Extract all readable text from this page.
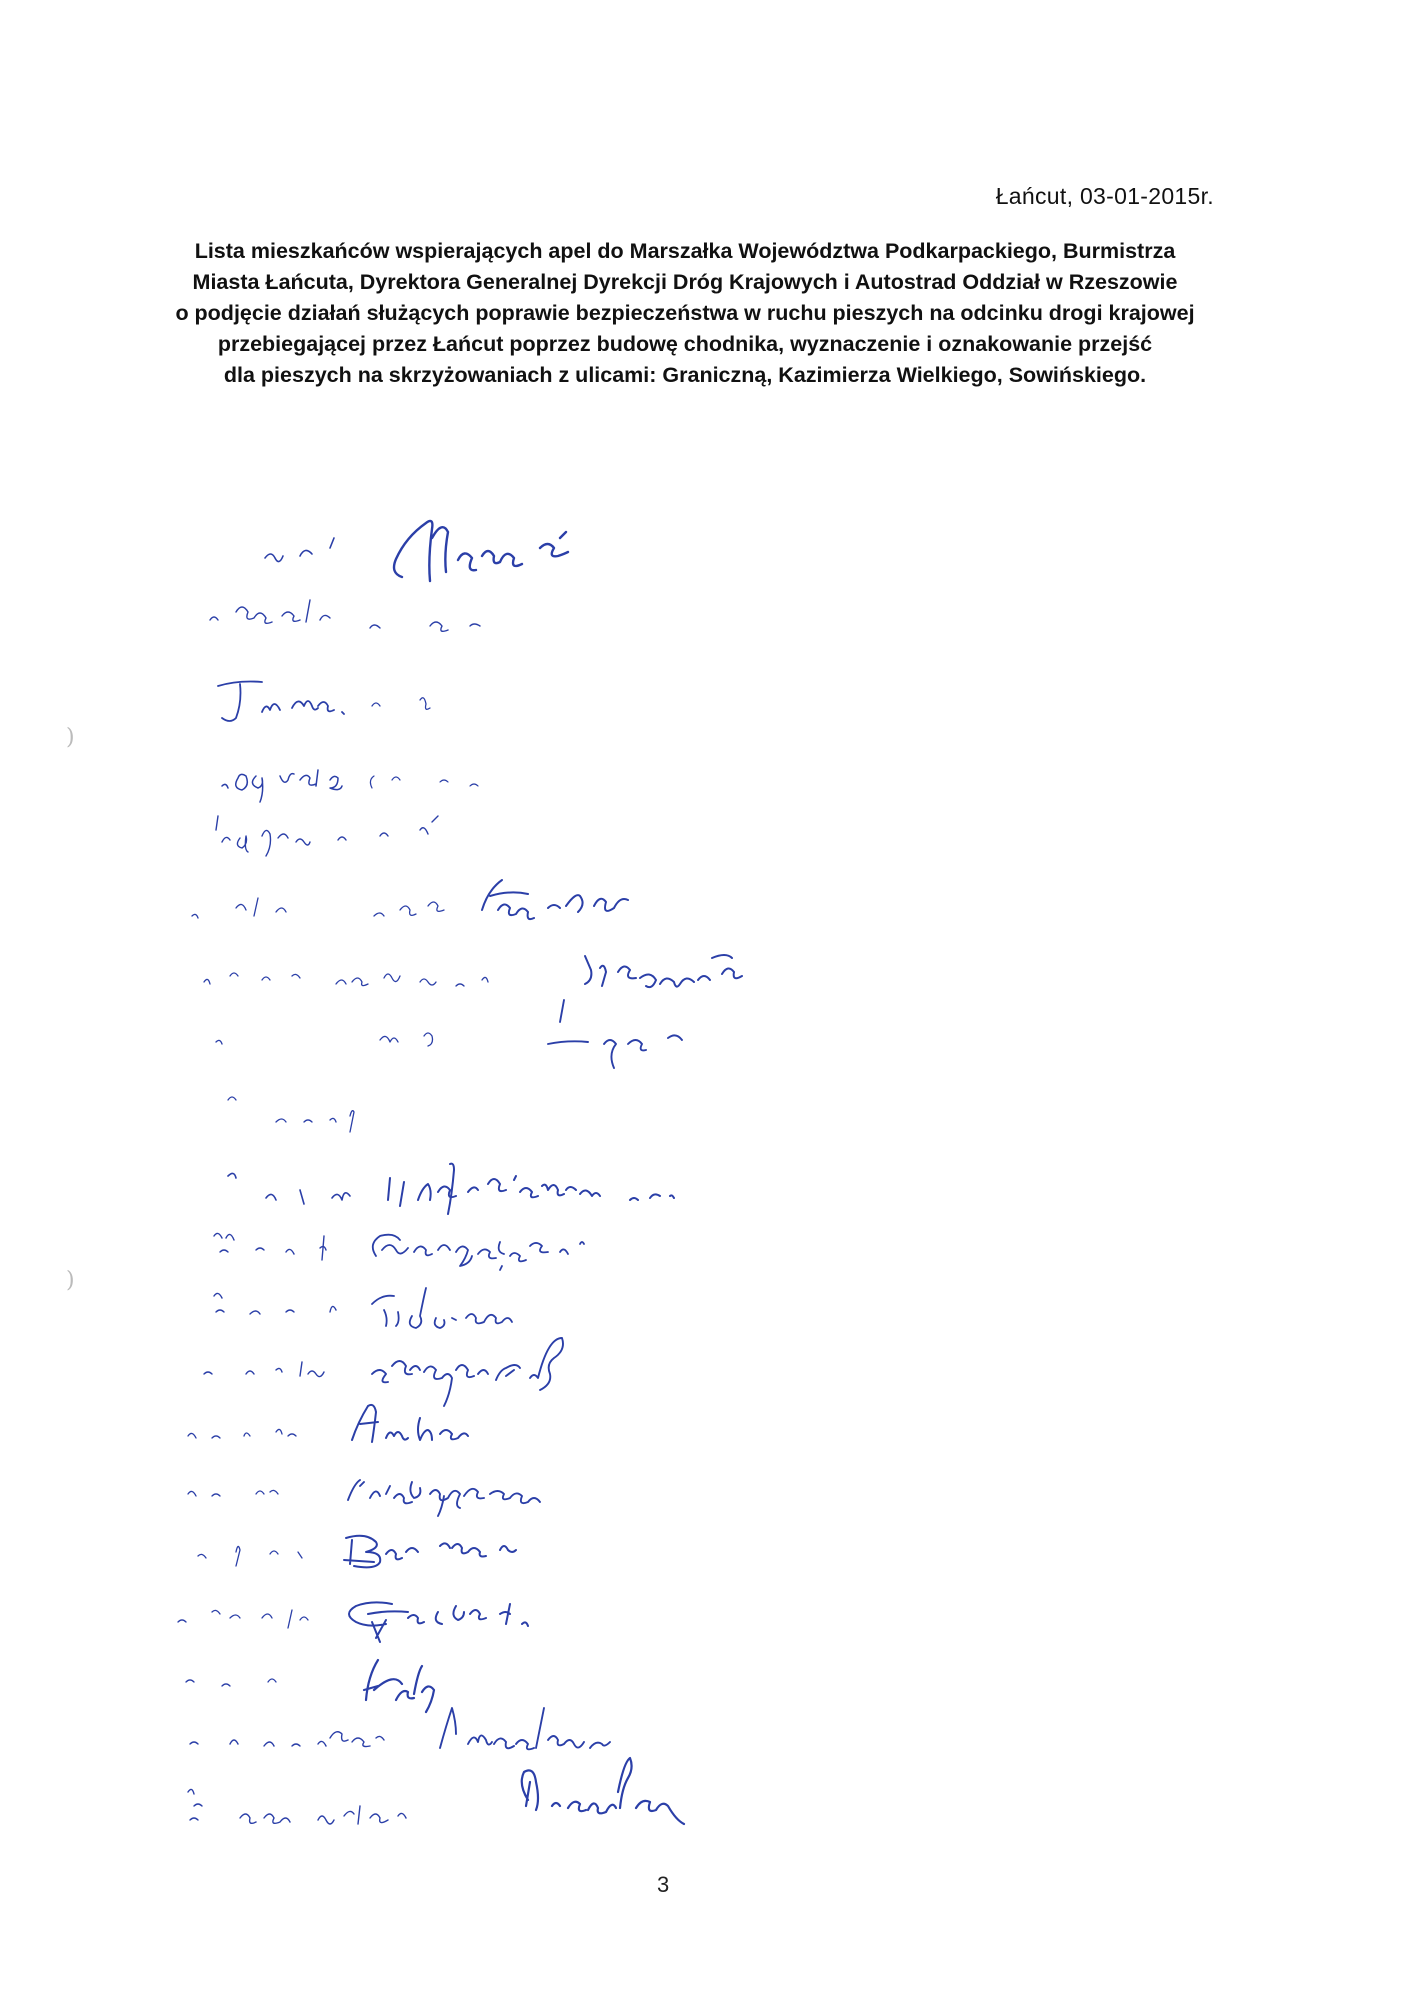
Łańcut, 03-01-2015r.
Lista mieszkańców wspierających apel do Marszałka Województwa Podkarpackiego, Burmistrza
Miasta Łańcuta, Dyrektora Generalnej Dyrekcji Dróg Krajowych i Autostrad Oddział w Rzeszowie
o podjęcie działań służących poprawie bezpieczeństwa w ruchu pieszych na odcinku drogi krajowej
przebiegającej przez Łańcut poprzez budowę chodnika, wyznaczenie i oznakowanie przejść
dla pieszych na skrzyżowaniach z ulicami: Graniczną, Kazimierza Wielkiego, Sowińskiego.
)
)
3
